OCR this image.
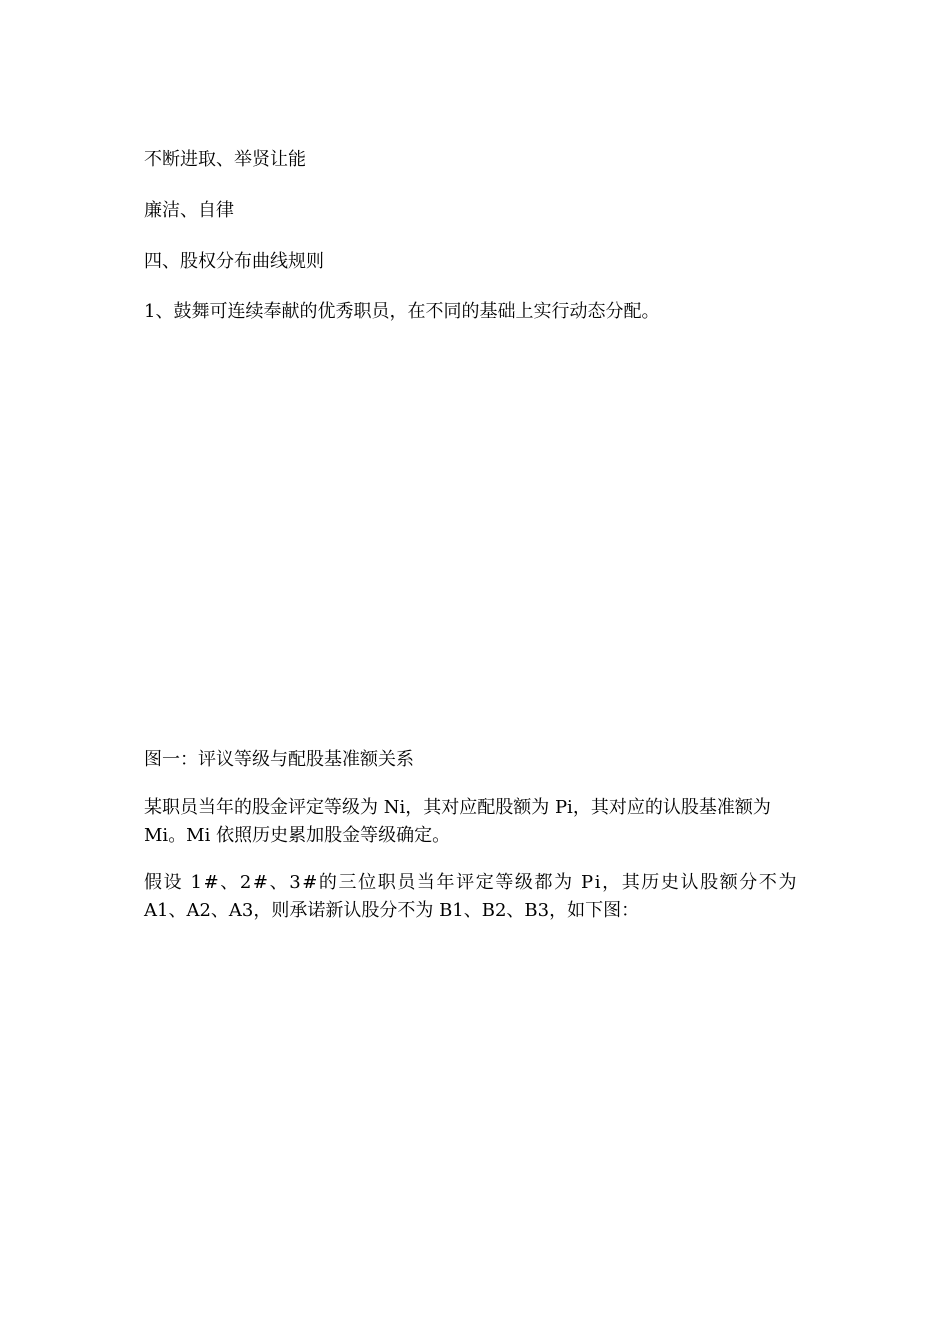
不断进取、举贤让能
廉洁、自律
四、股权分布曲线规则
1、鼓舞可连续奉献的优秀职员，在不同的基础上实行动态分配。
图一：评议等级与配股基准额关系

某职员当年的股金评定等级为 Ni，其对应配股额为 Pi，其对应的认股基准额为

Mi。Mi 依照历史累加股金等级确定。

假设 1#、2#、3#的三位职员当年评定等级都为 Pi，其历史认股额分不为

A1、A2、A3，则承诺新认股分不为 B1、B2、B3，如下图：
